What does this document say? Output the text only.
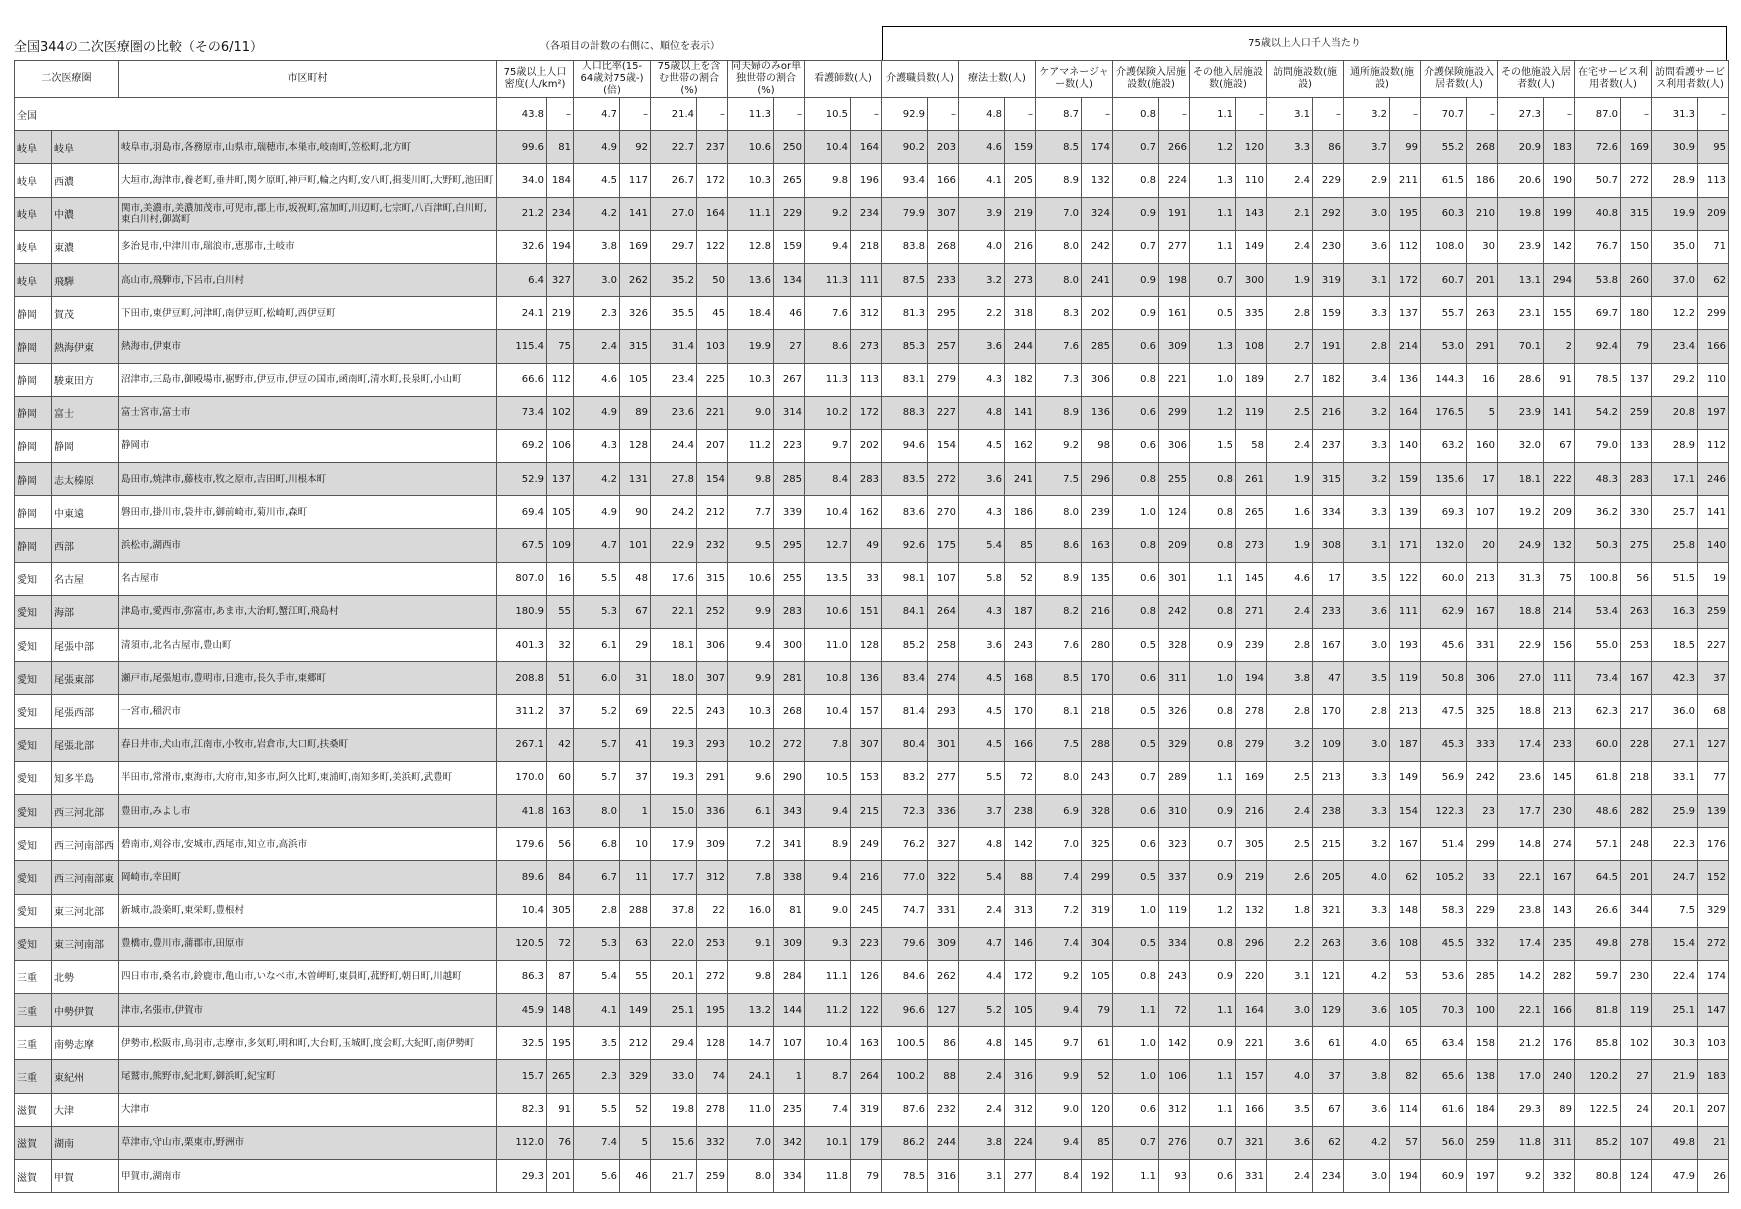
全国344の二次医療圏の比較（その6/11）	（各項目の計数の右側に、順位を表示）	75歳以上人口千人当たり
二次医療圏		市区町村	75歳以上人口密度(人/km²)		人口比率(15-64歳対75歳-)(倍)		75歳以上を含む世帯の割合(%)		同夫婦のみor単独世帯の割合(%)		看護師数(人)		介護職員数(人)		療法士数(人)		ケアマネージャー数(人)		介護保険入居施設数(施設)		その他入居施設数(施設)		訪問施設数(施設)		通所施設数(施設)		介護保険施設入居者数(人)		その他施設入居者数(人)		在宅サービス利用者数(人)		訪問看護サービス利用者数(人)	
全国			43.8	–	4.7	–	21.4	–	11.3	–	10.5	–	92.9	–	4.8	–	8.7	–	0.8	–	1.1	–	3.1	–	3.2	–	70.7	–	27.3	–	87.0	–	31.3	–
岐阜	岐阜	岐阜市,羽島市,各務原市,山県市,瑞穂市,本巣市,岐南町,笠松町,北方町	99.6	81	4.9	92	22.7	237	10.6	250	10.4	164	90.2	203	4.6	159	8.5	174	0.7	266	1.2	120	3.3	86	3.7	99	55.2	268	20.9	183	72.6	169	30.9	95
岐阜	西濃	大垣市,海津市,養老町,垂井町,関ケ原町,神戸町,輪之内町,安八町,揖斐川町,大野町,池田町	34.0	184	4.5	117	26.7	172	10.3	265	9.8	196	93.4	166	4.1	205	8.9	132	0.8	224	1.3	110	2.4	229	2.9	211	61.5	186	20.6	190	50.7	272	28.9	113
岐阜	中濃	関市,美濃市,美濃加茂市,可児市,郡上市,坂祝町,富加町,川辺町,七宗町,八百津町,白川町,東白川村,御嵩町	21.2	234	4.2	141	27.0	164	11.1	229	9.2	234	79.9	307	3.9	219	7.0	324	0.9	191	1.1	143	2.1	292	3.0	195	60.3	210	19.8	199	40.8	315	19.9	209
岐阜	東濃	多治見市,中津川市,瑞浪市,恵那市,土岐市	32.6	194	3.8	169	29.7	122	12.8	159	9.4	218	83.8	268	4.0	216	8.0	242	0.7	277	1.1	149	2.4	230	3.6	112	108.0	30	23.9	142	76.7	150	35.0	71
岐阜	飛騨	高山市,飛騨市,下呂市,白川村	6.4	327	3.0	262	35.2	50	13.6	134	11.3	111	87.5	233	3.2	273	8.0	241	0.9	198	0.7	300	1.9	319	3.1	172	60.7	201	13.1	294	53.8	260	37.0	62
静岡	賀茂	下田市,東伊豆町,河津町,南伊豆町,松崎町,西伊豆町	24.1	219	2.3	326	35.5	45	18.4	46	7.6	312	81.3	295	2.2	318	8.3	202	0.9	161	0.5	335	2.8	159	3.3	137	55.7	263	23.1	155	69.7	180	12.2	299
静岡	熱海伊東	熱海市,伊東市	115.4	75	2.4	315	31.4	103	19.9	27	8.6	273	85.3	257	3.6	244	7.6	285	0.6	309	1.3	108	2.7	191	2.8	214	53.0	291	70.1	2	92.4	79	23.4	166
静岡	駿東田方	沼津市,三島市,御殿場市,裾野市,伊豆市,伊豆の国市,函南町,清水町,長泉町,小山町	66.6	112	4.6	105	23.4	225	10.3	267	11.3	113	83.1	279	4.3	182	7.3	306	0.8	221	1.0	189	2.7	182	3.4	136	144.3	16	28.6	91	78.5	137	29.2	110
静岡	富士	富士宮市,富士市	73.4	102	4.9	89	23.6	221	9.0	314	10.2	172	88.3	227	4.8	141	8.9	136	0.6	299	1.2	119	2.5	216	3.2	164	176.5	5	23.9	141	54.2	259	20.8	197
静岡	静岡	静岡市	69.2	106	4.3	128	24.4	207	11.2	223	9.7	202	94.6	154	4.5	162	9.2	98	0.6	306	1.5	58	2.4	237	3.3	140	63.2	160	32.0	67	79.0	133	28.9	112
静岡	志太榛原	島田市,焼津市,藤枝市,牧之原市,吉田町,川根本町	52.9	137	4.2	131	27.8	154	9.8	285	8.4	283	83.5	272	3.6	241	7.5	296	0.8	255	0.8	261	1.9	315	3.2	159	135.6	17	18.1	222	48.3	283	17.1	246
静岡	中東遠	磐田市,掛川市,袋井市,御前崎市,菊川市,森町	69.4	105	4.9	90	24.2	212	7.7	339	10.4	162	83.6	270	4.3	186	8.0	239	1.0	124	0.8	265	1.6	334	3.3	139	69.3	107	19.2	209	36.2	330	25.7	141
静岡	西部	浜松市,湖西市	67.5	109	4.7	101	22.9	232	9.5	295	12.7	49	92.6	175	5.4	85	8.6	163	0.8	209	0.8	273	1.9	308	3.1	171	132.0	20	24.9	132	50.3	275	25.8	140
愛知	名古屋	名古屋市	807.0	16	5.5	48	17.6	315	10.6	255	13.5	33	98.1	107	5.8	52	8.9	135	0.6	301	1.1	145	4.6	17	3.5	122	60.0	213	31.3	75	100.8	56	51.5	19
愛知	海部	津島市,愛西市,弥富市,あま市,大治町,蟹江町,飛島村	180.9	55	5.3	67	22.1	252	9.9	283	10.6	151	84.1	264	4.3	187	8.2	216	0.8	242	0.8	271	2.4	233	3.6	111	62.9	167	18.8	214	53.4	263	16.3	259
愛知	尾張中部	清須市,北名古屋市,豊山町	401.3	32	6.1	29	18.1	306	9.4	300	11.0	128	85.2	258	3.6	243	7.6	280	0.5	328	0.9	239	2.8	167	3.0	193	45.6	331	22.9	156	55.0	253	18.5	227
愛知	尾張東部	瀬戸市,尾張旭市,豊明市,日進市,長久手市,東郷町	208.8	51	6.0	31	18.0	307	9.9	281	10.8	136	83.4	274	4.5	168	8.5	170	0.6	311	1.0	194	3.8	47	3.5	119	50.8	306	27.0	111	73.4	167	42.3	37
愛知	尾張西部	一宮市,稲沢市	311.2	37	5.2	69	22.5	243	10.3	268	10.4	157	81.4	293	4.5	170	8.1	218	0.5	326	0.8	278	2.8	170	2.8	213	47.5	325	18.8	213	62.3	217	36.0	68
愛知	尾張北部	春日井市,犬山市,江南市,小牧市,岩倉市,大口町,扶桑町	267.1	42	5.7	41	19.3	293	10.2	272	7.8	307	80.4	301	4.5	166	7.5	288	0.5	329	0.8	279	3.2	109	3.0	187	45.3	333	17.4	233	60.0	228	27.1	127
愛知	知多半島	半田市,常滑市,東海市,大府市,知多市,阿久比町,東浦町,南知多町,美浜町,武豊町	170.0	60	5.7	37	19.3	291	9.6	290	10.5	153	83.2	277	5.5	72	8.0	243	0.7	289	1.1	169	2.5	213	3.3	149	56.9	242	23.6	145	61.8	218	33.1	77
愛知	西三河北部	豊田市,みよし市	41.8	163	8.0	1	15.0	336	6.1	343	9.4	215	72.3	336	3.7	238	6.9	328	0.6	310	0.9	216	2.4	238	3.3	154	122.3	23	17.7	230	48.6	282	25.9	139
愛知	西三河南部西	碧南市,刈谷市,安城市,西尾市,知立市,高浜市	179.6	56	6.8	10	17.9	309	7.2	341	8.9	249	76.2	327	4.8	142	7.0	325	0.6	323	0.7	305	2.5	215	3.2	167	51.4	299	14.8	274	57.1	248	22.3	176
愛知	西三河南部東	岡崎市,幸田町	89.6	84	6.7	11	17.7	312	7.8	338	9.4	216	77.0	322	5.4	88	7.4	299	0.5	337	0.9	219	2.6	205	4.0	62	105.2	33	22.1	167	64.5	201	24.7	152
愛知	東三河北部	新城市,設楽町,東栄町,豊根村	10.4	305	2.8	288	37.8	22	16.0	81	9.0	245	74.7	331	2.4	313	7.2	319	1.0	119	1.2	132	1.8	321	3.3	148	58.3	229	23.8	143	26.6	344	7.5	329
愛知	東三河南部	豊橋市,豊川市,蒲郡市,田原市	120.5	72	5.3	63	22.0	253	9.1	309	9.3	223	79.6	309	4.7	146	7.4	304	0.5	334	0.8	296	2.2	263	3.6	108	45.5	332	17.4	235	49.8	278	15.4	272
三重	北勢	四日市市,桑名市,鈴鹿市,亀山市,いなべ市,木曽岬町,東員町,菰野町,朝日町,川越町	86.3	87	5.4	55	20.1	272	9.8	284	11.1	126	84.6	262	4.4	172	9.2	105	0.8	243	0.9	220	3.1	121	4.2	53	53.6	285	14.2	282	59.7	230	22.4	174
三重	中勢伊賀	津市,名張市,伊賀市	45.9	148	4.1	149	25.1	195	13.2	144	11.2	122	96.6	127	5.2	105	9.4	79	1.1	72	1.1	164	3.0	129	3.6	105	70.3	100	22.1	166	81.8	119	25.1	147
三重	南勢志摩	伊勢市,松阪市,鳥羽市,志摩市,多気町,明和町,大台町,玉城町,度会町,大紀町,南伊勢町	32.5	195	3.5	212	29.4	128	14.7	107	10.4	163	100.5	86	4.8	145	9.7	61	1.0	142	0.9	221	3.6	61	4.0	65	63.4	158	21.2	176	85.8	102	30.3	103
三重	東紀州	尾鷲市,熊野市,紀北町,御浜町,紀宝町	15.7	265	2.3	329	33.0	74	24.1	1	8.7	264	100.2	88	2.4	316	9.9	52	1.0	106	1.1	157	4.0	37	3.8	82	65.6	138	17.0	240	120.2	27	21.9	183
滋賀	大津	大津市	82.3	91	5.5	52	19.8	278	11.0	235	7.4	319	87.6	232	2.4	312	9.0	120	0.6	312	1.1	166	3.5	67	3.6	114	61.6	184	29.3	89	122.5	24	20.1	207
滋賀	湖南	草津市,守山市,栗東市,野洲市	112.0	76	7.4	5	15.6	332	7.0	342	10.1	179	86.2	244	3.8	224	9.4	85	0.7	276	0.7	321	3.6	62	4.2	57	56.0	259	11.8	311	85.2	107	49.8	21
滋賀	甲賀	甲賀市,湖南市	29.3	201	5.6	46	21.7	259	8.0	334	11.8	79	78.5	316	3.1	277	8.4	192	1.1	93	0.6	331	2.4	234	3.0	194	60.9	197	9.2	332	80.8	124	47.9	26
